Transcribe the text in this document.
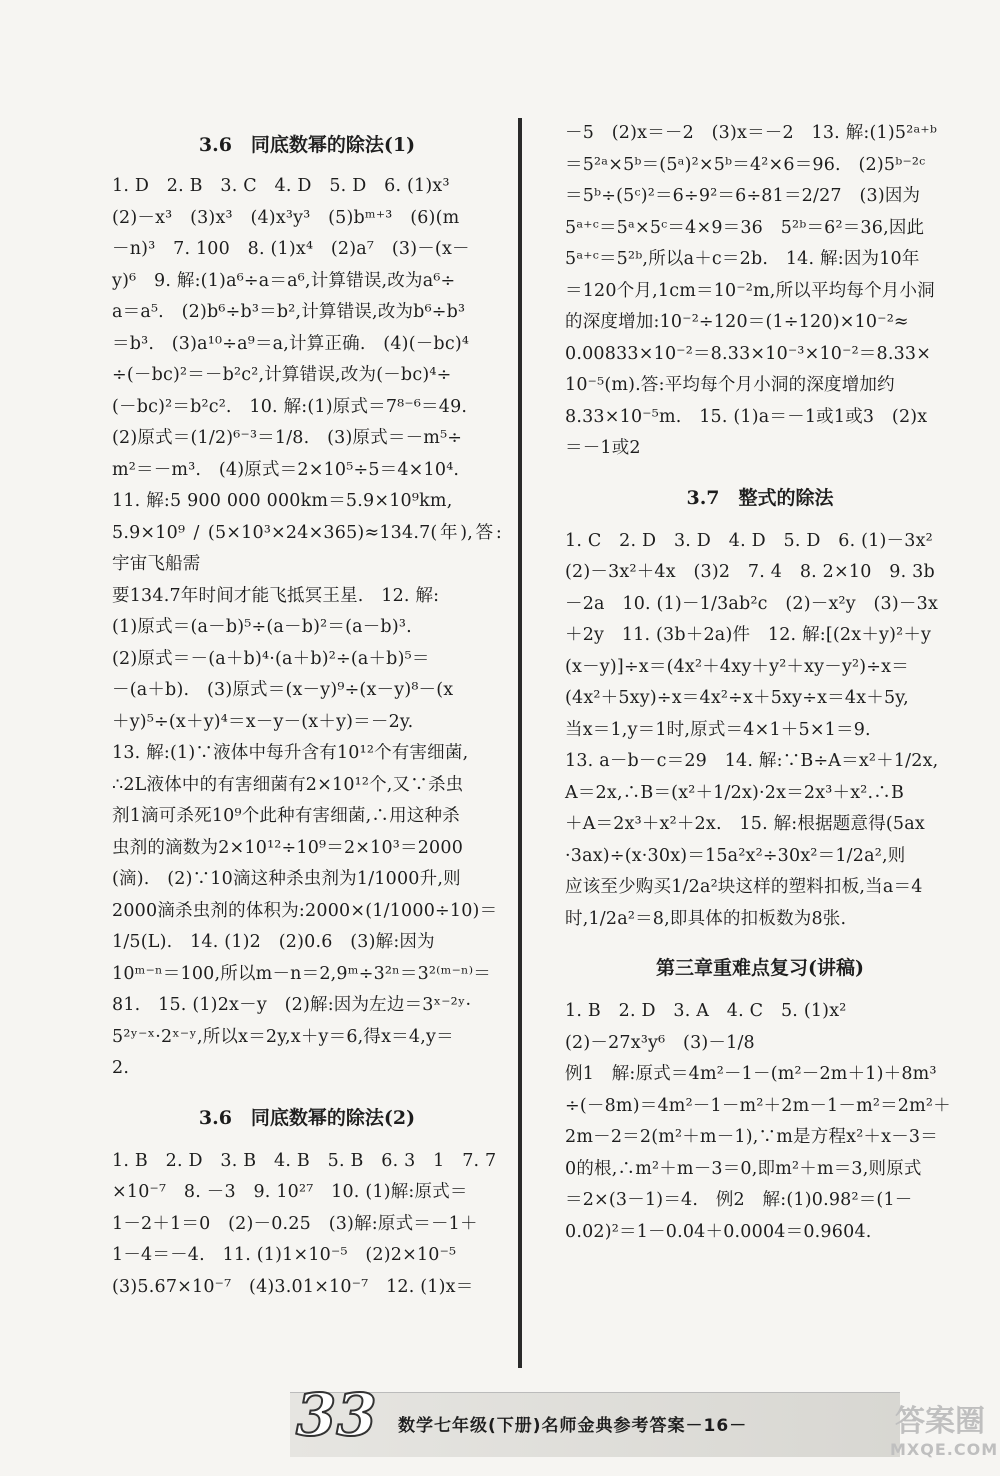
3.6　同底数幂的除法(1)

1. D　2. B　3. C　4. D　5. D　6. (1)x³
(2)－x³　(3)x³　(4)x³y³　(5)bᵐ⁺³　(6)(m
－n)³　7. 100　8. (1)x⁴　(2)a⁷　(3)－(x－
y)⁶　9. 解:(1)a⁶÷a＝a⁶,计算错误,改为a⁶÷
a＝a⁵.　(2)b⁶÷b³＝b²,计算错误,改为b⁶÷b³
＝b³.　(3)a¹⁰÷a⁹＝a,计算正确.　(4)(－bc)⁴
÷(－bc)²＝－b²c²,计算错误,改为(－bc)⁴÷
(－bc)²＝b²c².　10. 解:(1)原式＝7⁸⁻⁶＝49.
(2)原式＝(1/2)⁶⁻³＝1/8.　(3)原式＝－m⁵÷
m²＝－m³.　(4)原式＝2×10⁵÷5＝4×10⁴.
11. 解:5 900 000 000km＝5.9×10⁹km,
5.9×10⁹ / (5×10³×24×365)≈134.7(年),答:宇宙飞船需
要134.7年时间才能飞抵冥王星.　12. 解:
(1)原式＝(a－b)⁵÷(a－b)²＝(a－b)³.
(2)原式＝－(a＋b)⁴·(a＋b)²÷(a＋b)⁵＝
－(a＋b).　(3)原式＝(x－y)⁹÷(x－y)⁸－(x
＋y)⁵÷(x＋y)⁴＝x－y－(x＋y)＝－2y.
13. 解:(1)∵液体中每升含有10¹²个有害细菌,
∴2L液体中的有害细菌有2×10¹²个,又∵杀虫
剂1滴可杀死10⁹个此种有害细菌,∴用这种杀
虫剂的滴数为2×10¹²÷10⁹＝2×10³＝2000
(滴).　(2)∵10滴这种杀虫剂为1/1000升,则
2000滴杀虫剂的体积为:2000×(1/1000÷10)＝
1/5(L).　14. (1)2　(2)0.6　(3)解:因为
10ᵐ⁻ⁿ＝100,所以m－n＝2,9ᵐ÷3²ⁿ＝3²⁽ᵐ⁻ⁿ⁾＝
81.　15. (1)2x－y　(2)解:因为左边＝3ˣ⁻²ʸ·
5²ʸ⁻ˣ·2ˣ⁻ʸ,所以x＝2y,x＋y＝6,得x＝4,y＝
2.

3.6　同底数幂的除法(2)

1. B　2. D　3. B　4. B　5. B　6. 3　1　7. 7
×10⁻⁷　8. －3　9. 10²⁷　10. (1)解:原式＝
1－2＋1＝0　(2)－0.25　(3)解:原式＝－1＋
1－4＝－4.　11. (1)1×10⁻⁵　(2)2×10⁻⁵
(3)5.67×10⁻⁷　(4)3.01×10⁻⁷　12. (1)x＝

－5　(2)x＝－2　(3)x＝－2　13. 解:(1)5²ᵃ⁺ᵇ
＝5²ᵃ×5ᵇ＝(5ᵃ)²×5ᵇ＝4²×6＝96.　(2)5ᵇ⁻²ᶜ
＝5ᵇ÷(5ᶜ)²＝6÷9²＝6÷81＝2/27　(3)因为
5ᵃ⁺ᶜ＝5ᵃ×5ᶜ＝4×9＝36　5²ᵇ＝6²＝36,因此
5ᵃ⁺ᶜ＝5²ᵇ,所以a＋c＝2b.　14. 解:因为10年
＝120个月,1cm＝10⁻²m,所以平均每个月小洞
的深度增加:10⁻²÷120＝(1÷120)×10⁻²≈
0.00833×10⁻²＝8.33×10⁻³×10⁻²＝8.33×
10⁻⁵(m).答:平均每个月小洞的深度增加约
8.33×10⁻⁵m.　15. (1)a＝－1或1或3　(2)x
＝－1或2

3.7　整式的除法

1. C　2. D　3. D　4. D　5. D　6. (1)－3x²
(2)－3x²＋4x　(3)2　7. 4　8. 2×10　9. 3b
－2a　10. (1)－1/3ab²c　(2)－x²y　(3)－3x
＋2y　11. (3b＋2a)件　12. 解:[(2x＋y)²＋y
(x－y)]÷x＝(4x²＋4xy＋y²＋xy－y²)÷x＝
(4x²＋5xy)÷x＝4x²÷x＋5xy÷x＝4x＋5y,
当x＝1,y＝1时,原式＝4×1＋5×1＝9.
13. a－b－c＝29　14. 解:∵B÷A＝x²＋1/2x,
A＝2x,∴B＝(x²＋1/2x)·2x＝2x³＋x².∴B
＋A＝2x³＋x²＋2x.　15. 解:根据题意得(5ax
·3ax)÷(x·30x)＝15a²x²÷30x²＝1/2a²,则
应该至少购买1/2a²块这样的塑料扣板,当a＝4
时,1/2a²＝8,即具体的扣板数为8张.

第三章重难点复习(讲稿)

1. B　2. D　3. A　4. C　5. (1)x²
(2)－27x³y⁶　(3)－1/8
例1　解:原式＝4m²－1－(m²－2m＋1)＋8m³
÷(－8m)＝4m²－1－m²＋2m－1－m²＝2m²＋
2m－2＝2(m²＋m－1),∵m是方程x²＋x－3＝
0的根,∴m²＋m－3＝0,即m²＋m＝3,则原式
＝2×(3－1)＝4.　例2　解:(1)0.98²＝(1－
0.02)²＝1－0.04＋0.0004＝0.9604.

33 数学七年级(下册)名师金典参考答案－16－	答案圈
MXQE.COM
